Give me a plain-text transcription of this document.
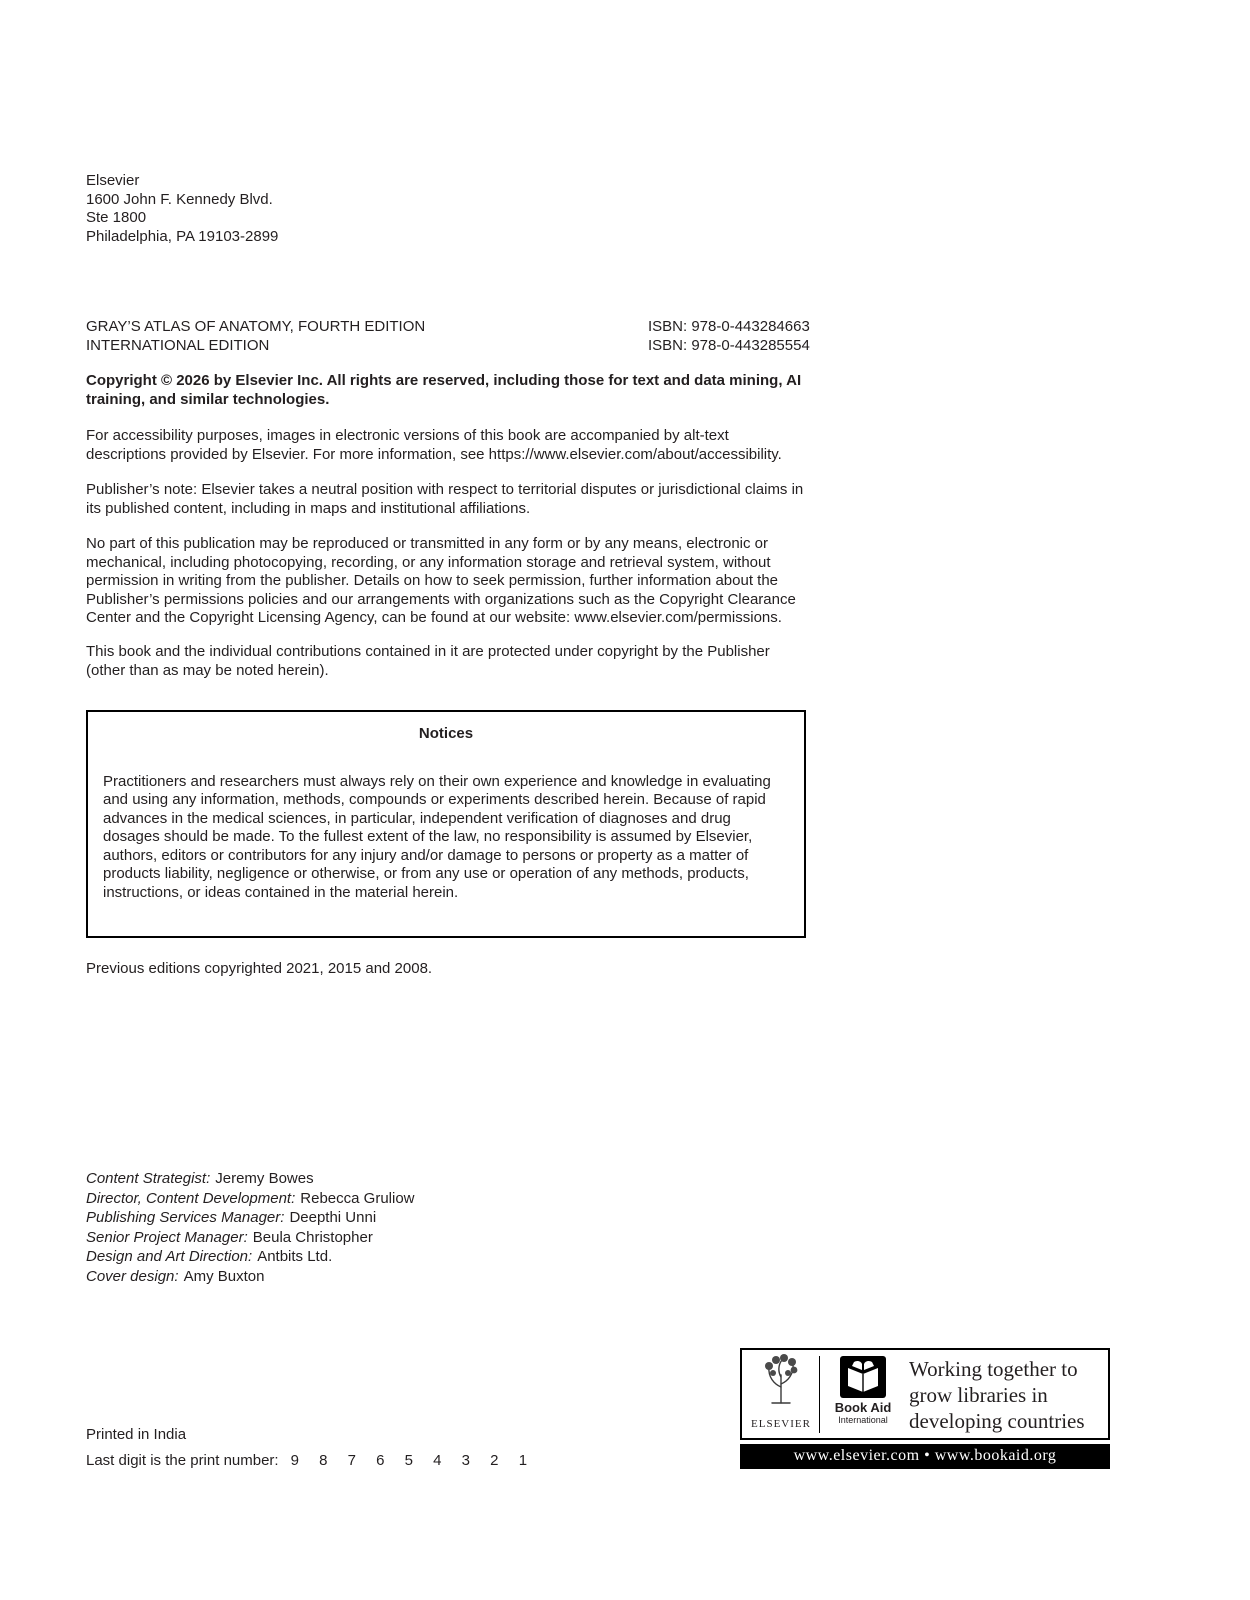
Elsevier
1600 John F. Kennedy Blvd.
Ste 1800
Philadelphia, PA 19103-2899
GRAY’S ATLAS OF ANATOMY, FOURTH EDITION	ISBN: 978-0-443284663
INTERNATIONAL EDITION	ISBN: 978-0-443285554
Copyright © 2026 by Elsevier Inc. All rights are reserved, including those for text and data mining, AI training, and similar technologies.
For accessibility purposes, images in electronic versions of this book are accompanied by alt-text descriptions provided by Elsevier. For more information, see https://www.elsevier.com/about/accessibility.
Publisher’s note: Elsevier takes a neutral position with respect to territorial disputes or jurisdictional claims in its published content, including in maps and institutional affiliations.
No part of this publication may be reproduced or transmitted in any form or by any means, electronic or mechanical, including photocopying, recording, or any information storage and retrieval system, without permission in writing from the publisher. Details on how to seek permission, further information about the Publisher’s permissions policies and our arrangements with organizations such as the Copyright Clearance Center and the Copyright Licensing Agency, can be found at our website: www.elsevier.com/permissions.
This book and the individual contributions contained in it are protected under copyright by the Publisher (other than as may be noted herein).
Notices
Practitioners and researchers must always rely on their own experience and knowledge in evaluating and using any information, methods, compounds or experiments described herein. Because of rapid advances in the medical sciences, in particular, independent verification of diagnoses and drug dosages should be made. To the fullest extent of the law, no responsibility is assumed by Elsevier, authors, editors or contributors for any injury and/or damage to persons or property as a matter of products liability, negligence or otherwise, or from any use or operation of any methods, products, instructions, or ideas contained in the material herein.
Previous editions copyrighted 2021, 2015 and 2008.
Content Strategist: Jeremy Bowes
Director, Content Development: Rebecca Gruliow
Publishing Services Manager: Deepthi Unni
Senior Project Manager: Beula Christopher
Design and Art Direction: Antbits Ltd.
Cover design: Amy Buxton
Printed in India
Last digit is the print number: 9 8 7 6 5 4 3 2 1
ELSEVIER
Book Aid
International
Working together to grow libraries in developing countries
www.elsevier.com • www.bookaid.org
